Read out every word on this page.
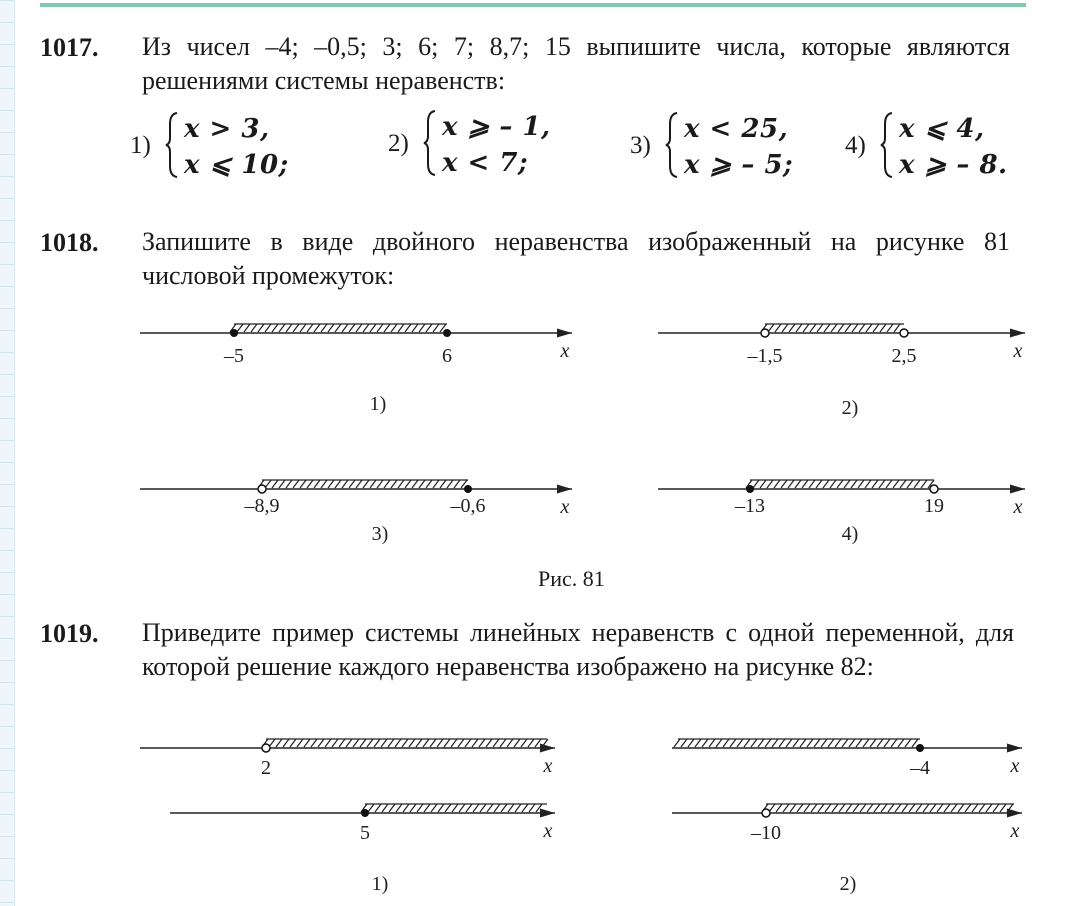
1017. Из чисел –4; –0,5; 3; 6; 7; 8,7; 15 выпишите числа, которые являются решениями системы неравенств:

1)
x > 3,
x ⩽ 10;
2)
x ⩾ – 1,
x < 7;
3)
x < 25,
x ⩾ – 5;
4)
x ⩽ 4,
x ⩾ – 8.
1018. Запишите в виде двойного неравенства изображенный на рисунке 81 числовой промежуток:

1019. Приведите пример системы линейных неравенств с одной переменной, для которой решение каждого неравенства изображено на рисунке 82:

x
–5	6
1)
x
–1,5	2,5
2)
x
–8,9	–0,6
3)
x
–13	19
4)
x
2
x
5
1)
x
–4
x
–10
2)
Рис. 81
